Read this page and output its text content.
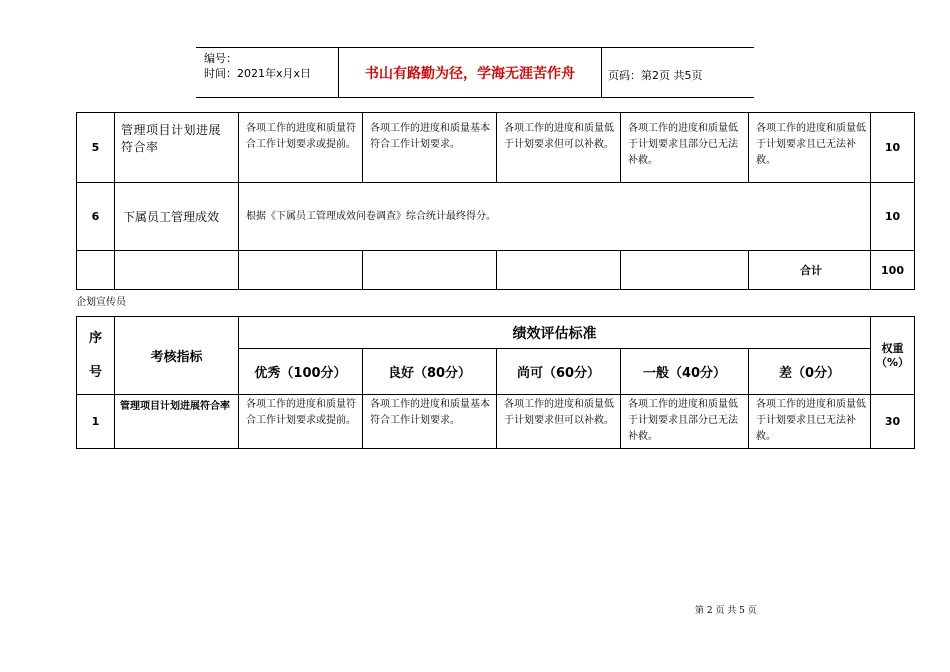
编号：
时间：2021年x月x日	书山有路勤为径，学海无涯苦作舟	页码：第2页 共5页
5	管理项目计划进展符合率	各项工作的进度和质量符合工作计划要求或提前。	各项工作的进度和质量基本符合工作计划要求。	各项工作的进度和质量低于计划要求但可以补救。	各项工作的进度和质量低于计划要求且部分已无法补救。	各项工作的进度和质量低于计划要求且已无法补救。	10
6	下属员工管理成效	根据《下属员工管理成效问卷调查》综合统计最终得分。					10
						合计	100
企划宣传员
序
号	考核指标	绩效评估标准					权重（%）
		优秀（100分）	良好（80分）	尚可（60分）	一般（40分）	差（0分）	
1	管理项目计划进展符合率	各项工作的进度和质量符合工作计划要求或提前。	各项工作的进度和质量基本符合工作计划要求。	各项工作的进度和质量低于计划要求但可以补救。	各项工作的进度和质量低于计划要求且部分已无法补救。	各项工作的进度和质量低于计划要求且已无法补救。	30
第 2 页 共 5 页
